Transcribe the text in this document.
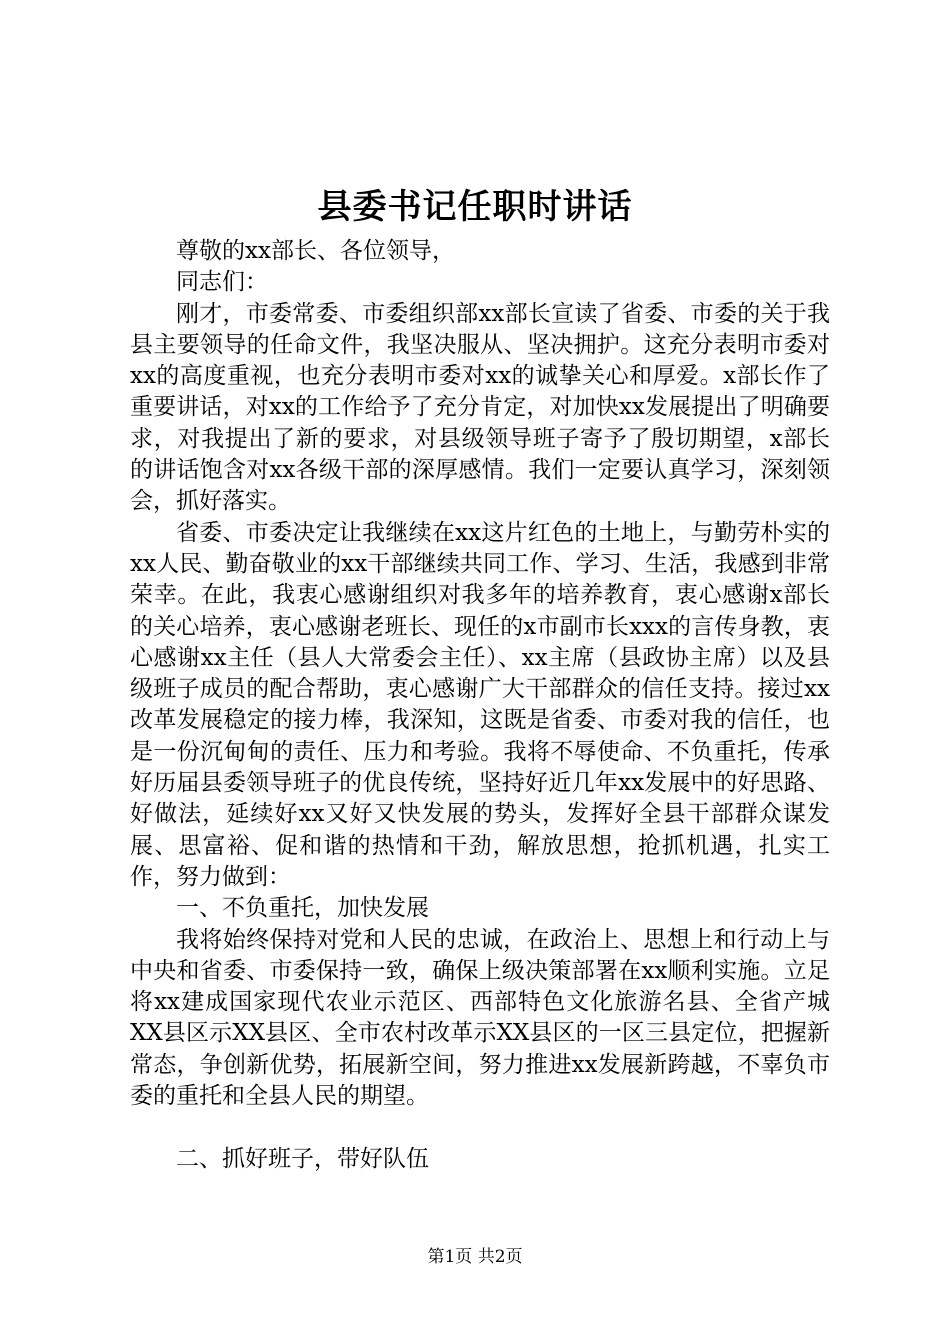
县委书记任职时讲话

尊敬的xx部长、各位领导，

同志们：

刚才，市委常委、市委组织部xx部长宣读了省委、市委的关于我县主要领导的任命文件，我坚决服从、坚决拥护。这充分表明市委对xx的高度重视，也充分表明市委对xx的诚挚关心和厚爱。x部长作了重要讲话，对xx的工作给予了充分肯定，对加快xx发展提出了明确要求，对我提出了新的要求，对县级领导班子寄予了殷切期望，x部长的讲话饱含对xx各级干部的深厚感情。我们一定要认真学习，深刻领会，抓好落实。

省委、市委决定让我继续在xx这片红色的土地上，与勤劳朴实的xx人民、勤奋敬业的xx干部继续共同工作、学习、生活，我感到非常荣幸。在此，我衷心感谢组织对我多年的培养教育，衷心感谢x部长的关心培养，衷心感谢老班长、现任的x市副市长xxx的言传身教，衷心感谢xx主任（县人大常委会主任）、xx主席（县政协主席）以及县级班子成员的配合帮助，衷心感谢广大干部群众的信任支持。接过xx改革发展稳定的接力棒，我深知，这既是省委、市委对我的信任，也是一份沉甸甸的责任、压力和考验。我将不辱使命、不负重托，传承好历届县委领导班子的优良传统，坚持好近几年xx发展中的好思路、好做法，延续好xx又好又快发展的势头，发挥好全县干部群众谋发展、思富裕、促和谐的热情和干劲，解放思想，抢抓机遇，扎实工作，努力做到：

一、不负重托，加快发展

我将始终保持对党和人民的忠诚，在政治上、思想上和行动上与中央和省委、市委保持一致，确保上级决策部署在xx顺利实施。立足将xx建成国家现代农业示范区、西部特色文化旅游名县、全省产城XX县区示XX县区、全市农村改革示XX县区的一区三县定位，把握新常态，争创新优势，拓展新空间，努力推进xx发展新跨越，不辜负市委的重托和全县人民的期望。

二、抓好班子，带好队伍

第1页 共2页
